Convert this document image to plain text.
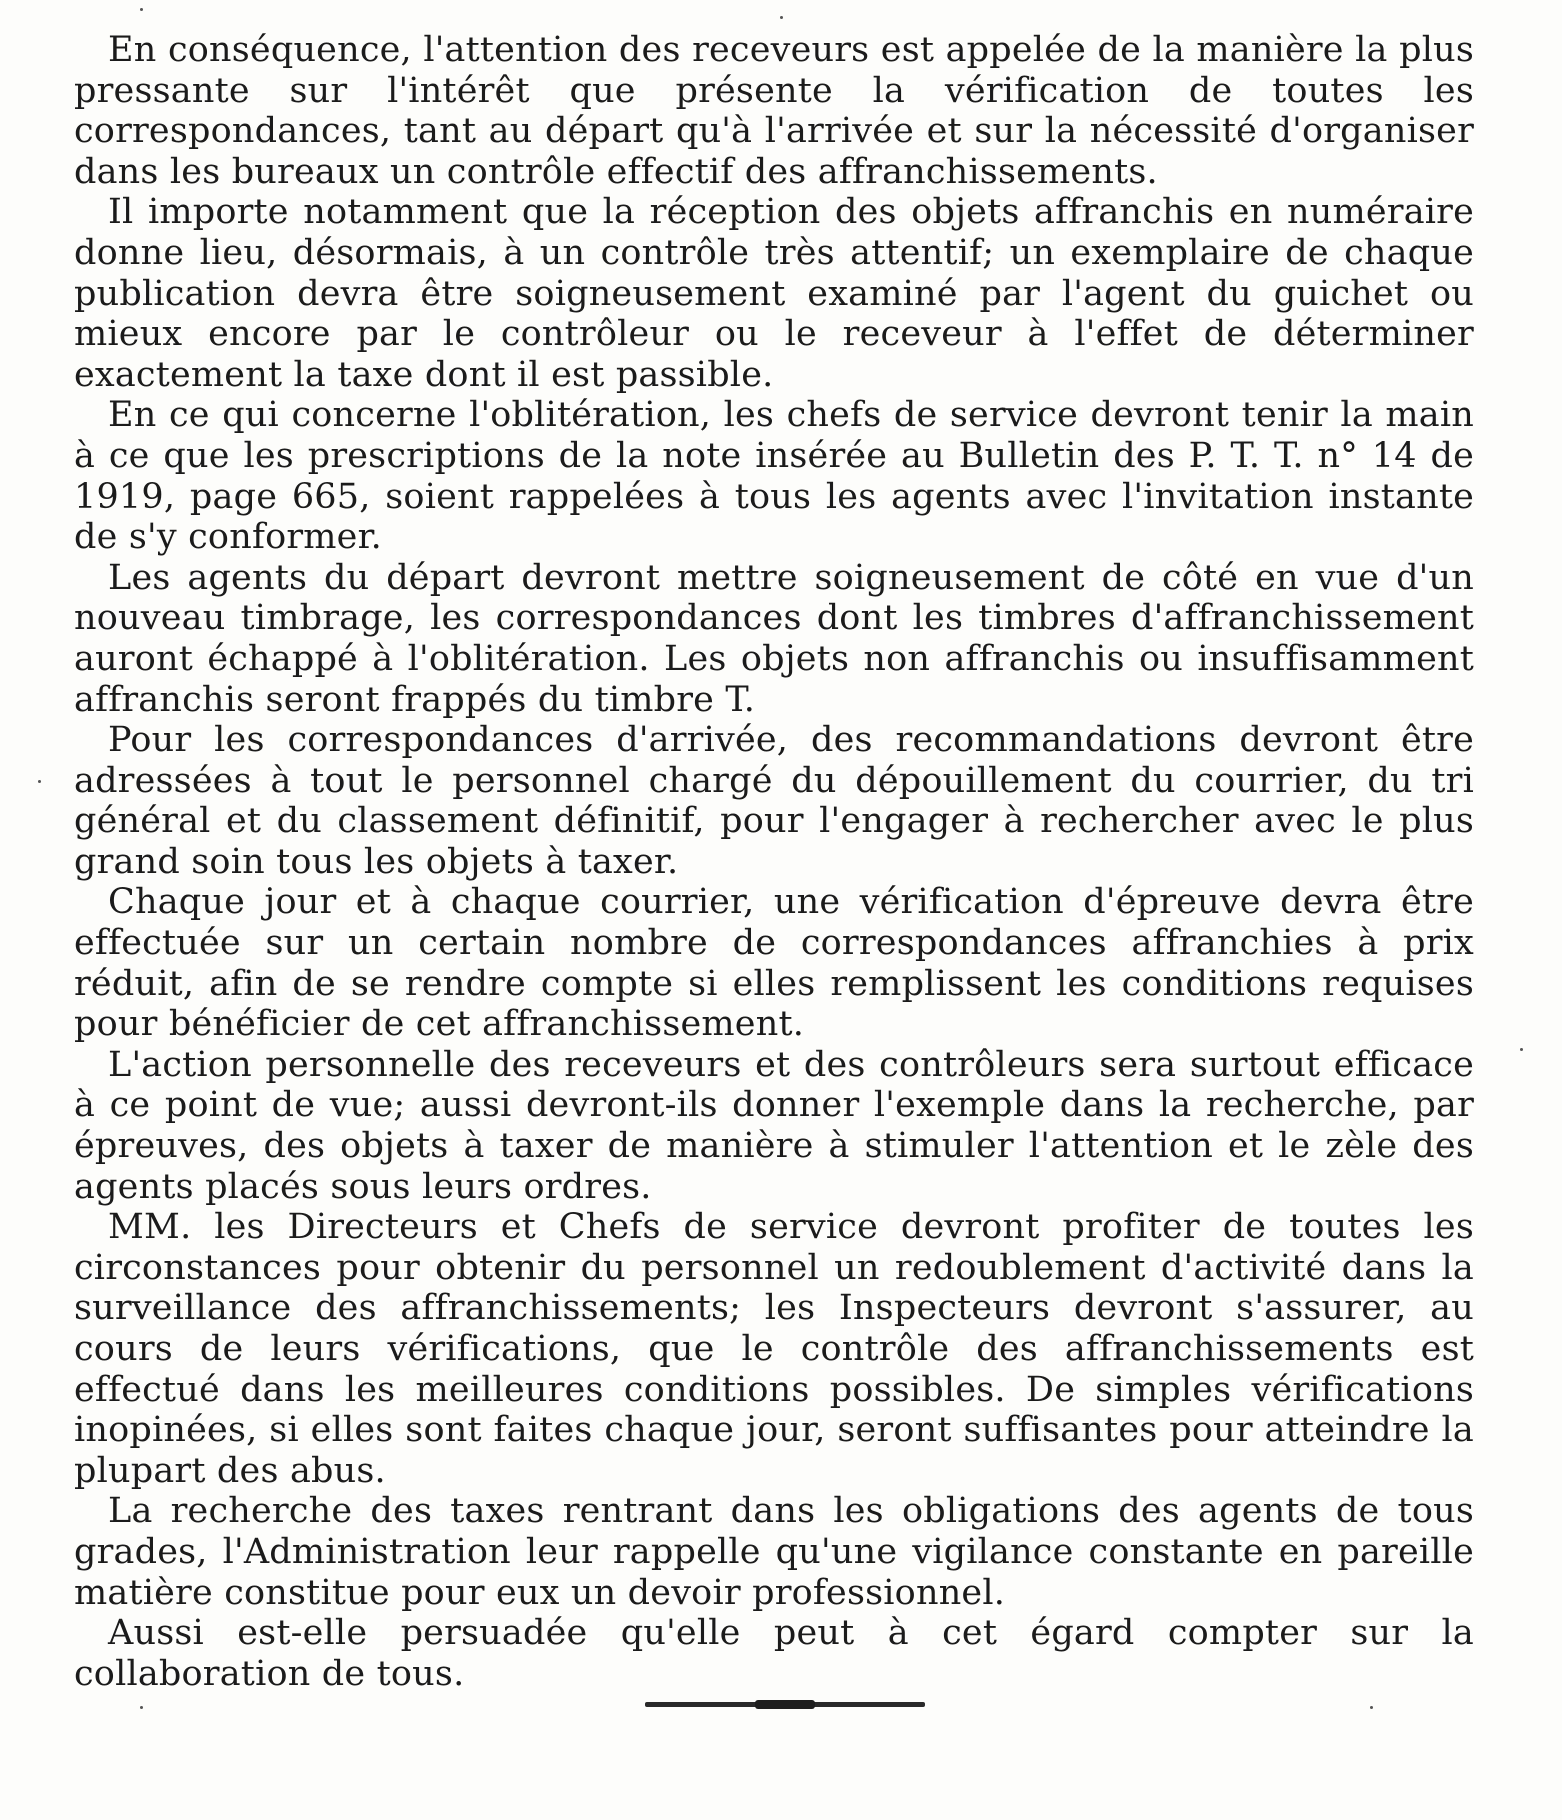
En conséquence, l'attention des receveurs est appelée de la manière la plus pressante sur l'intérêt que présente la vérification de toutes les correspondances, tant au départ qu'à l'arrivée et sur la nécessité d'organiser dans les bureaux un contrôle effectif des affranchissements.

Il importe notamment que la réception des objets affranchis en numéraire donne lieu, désormais, à un contrôle très attentif; un exemplaire de chaque publication devra être soigneusement examiné par l'agent du guichet ou mieux encore par le contrôleur ou le receveur à l'effet de déterminer exactement la taxe dont il est passible.

En ce qui concerne l'oblitération, les chefs de service devront tenir la main à ce que les prescriptions de la note insérée au Bulletin des P. T. T. n° 14 de 1919, page 665, soient rappelées à tous les agents avec l'invitation instante de s'y conformer.

Les agents du départ devront mettre soigneusement de côté en vue d'un nouveau timbrage, les correspondances dont les timbres d'affranchissement auront échappé à l'oblitération. Les objets non affranchis ou insuffisamment affranchis seront frappés du timbre T.

Pour les correspondances d'arrivée, des recommandations devront être adressées à tout le personnel chargé du dépouillement du courrier, du tri général et du classement définitif, pour l'engager à rechercher avec le plus grand soin tous les objets à taxer.

Chaque jour et à chaque courrier, une vérification d'épreuve devra être effectuée sur un certain nombre de correspondances affranchies à prix réduit, afin de se rendre compte si elles remplissent les conditions requises pour bénéficier de cet affranchissement.

L'action personnelle des receveurs et des contrôleurs sera surtout efficace à ce point de vue; aussi devront-ils donner l'exemple dans la recherche, par épreuves, des objets à taxer de manière à stimuler l'attention et le zèle des agents placés sous leurs ordres.

MM. les Directeurs et Chefs de service devront profiter de toutes les circonstances pour obtenir du personnel un redoublement d'activité dans la surveillance des affranchissements; les Inspecteurs devront s'assurer, au cours de leurs vérifications, que le contrôle des affranchissements est effectué dans les meilleures conditions possibles. De simples vérifications inopinées, si elles sont faites chaque jour, seront suffisantes pour atteindre la plupart des abus.

La recherche des taxes rentrant dans les obligations des agents de tous grades, l'Administration leur rappelle qu'une vigilance constante en pareille matière constitue pour eux un devoir professionnel.

Aussi est-elle persuadée qu'elle peut à cet égard compter sur la collaboration de tous.
